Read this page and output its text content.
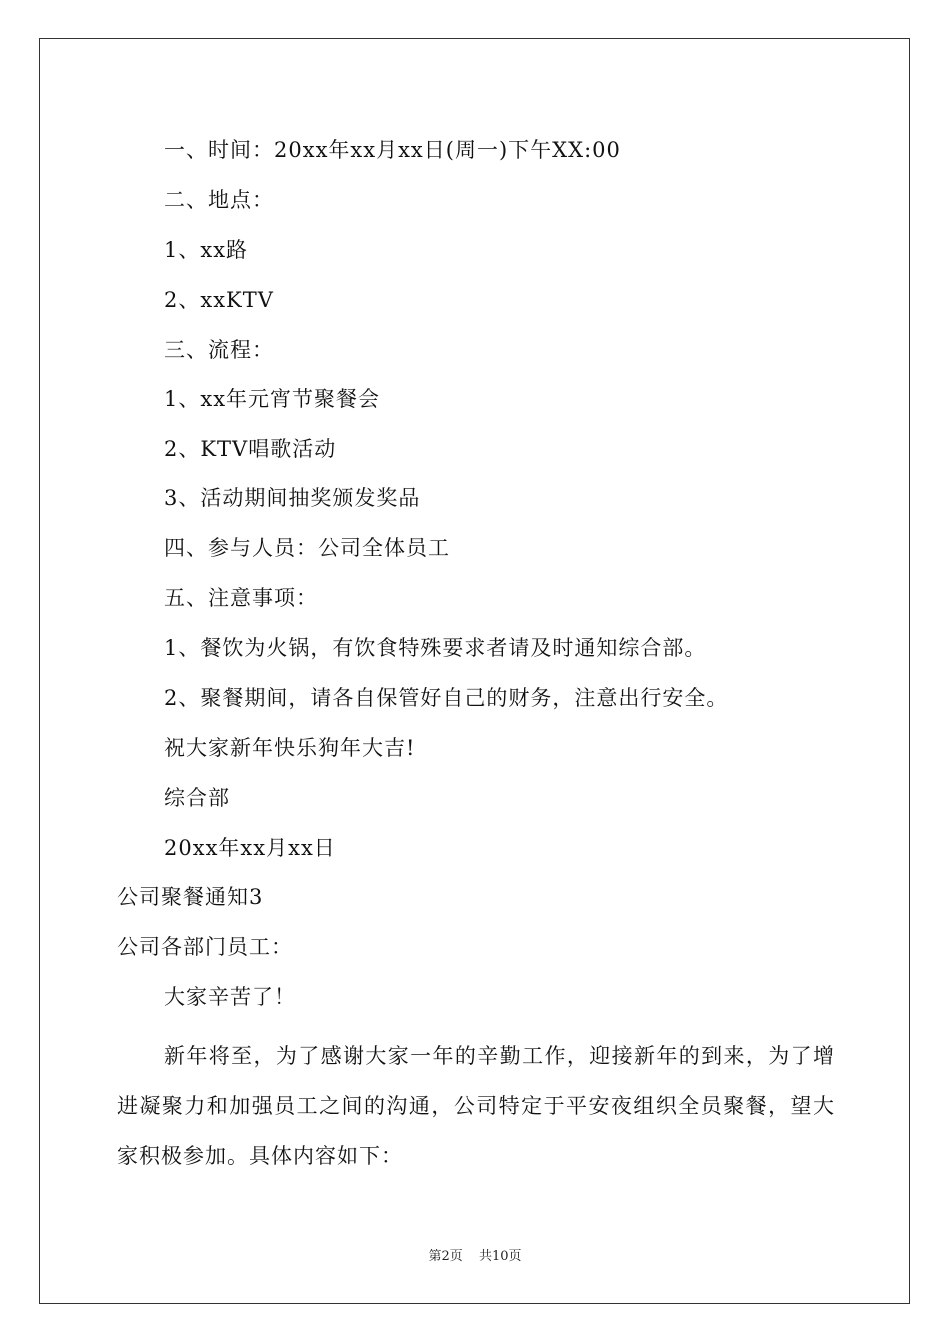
一、时间：20xx年xx月xx日(周一)下午XX:00
二、地点：
1、xx路
2、xxKTV
三、流程：
1、xx年元宵节聚餐会
2、KTV唱歌活动
3、活动期间抽奖颁发奖品
四、参与人员：公司全体员工
五、注意事项：
1、餐饮为火锅，有饮食特殊要求者请及时通知综合部。
2、聚餐期间，请各自保管好自己的财务，注意出行安全。
祝大家新年快乐狗年大吉!
综合部
20xx年xx月xx日
公司聚餐通知3
公司各部门员工：
大家辛苦了！
新年将至，为了感谢大家一年的辛勤工作，迎接新年的到来，为了增进凝聚力和加强员工之间的沟通，公司特定于平安夜组织全员聚餐，望大家积极参加。具体内容如下：
第2页 共10页
